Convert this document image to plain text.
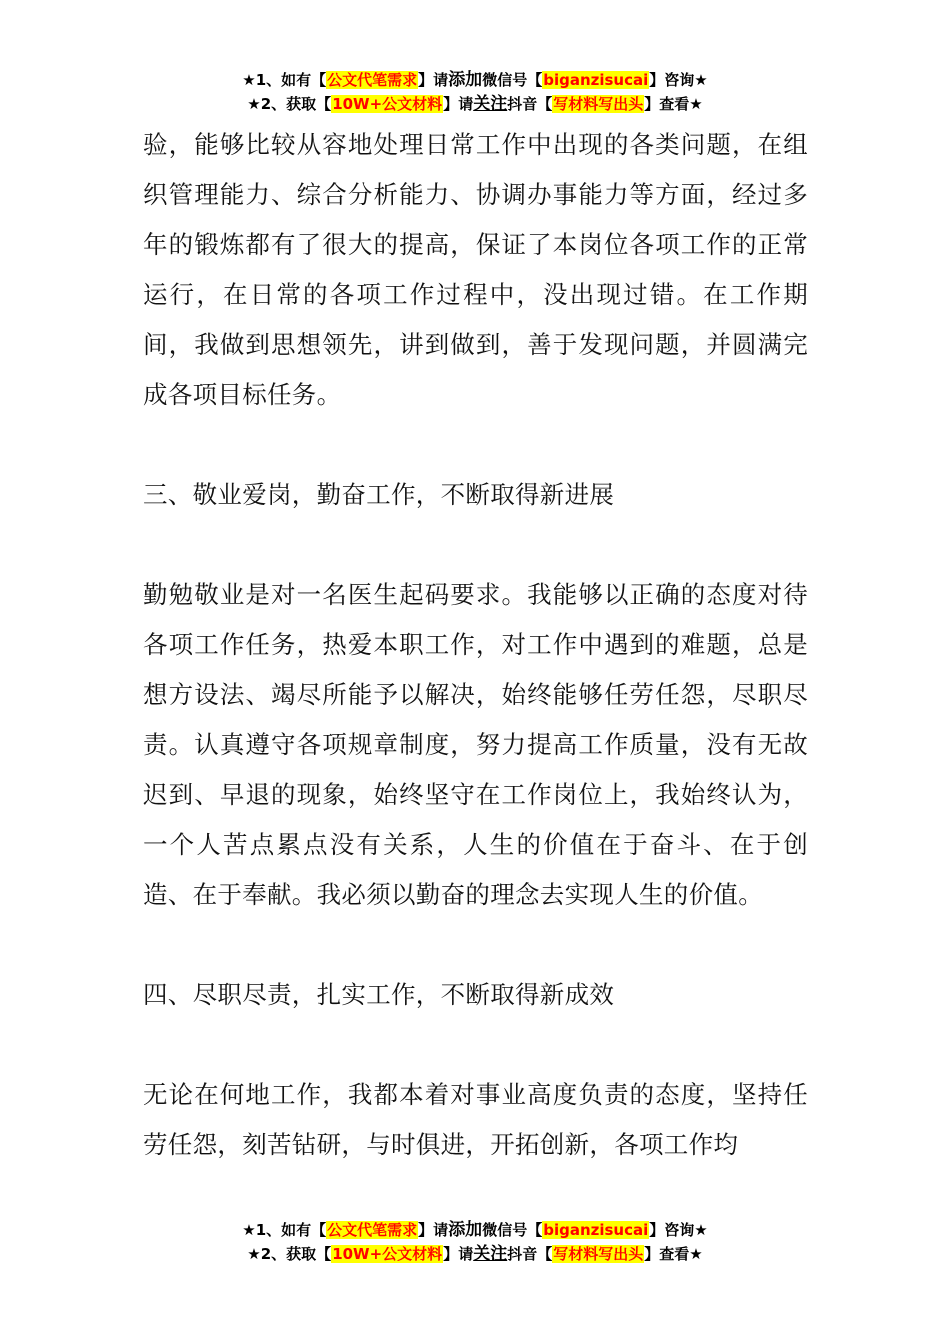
★1、如有【公文代笔需求】请添加微信号【biganzisucai】咨询★
★2、获取【10W+公文材料】请关注抖音【写材料写出头】查看★

验，能够比较从容地处理日常工作中出现的各类问题，在组织管理能力、综合分析能力、协调办事能力等方面，经过多年的锻炼都有了很大的提高，保证了本岗位各项工作的正常运行，在日常的各项工作过程中，没出现过错。在工作期间，我做到思想领先，讲到做到，善于发现问题，并圆满完成各项目标任务。

三、敬业爱岗，勤奋工作，不断取得新进展

勤勉敬业是对一名医生起码要求。我能够以正确的态度对待各项工作任务，热爱本职工作，对工作中遇到的难题，总是想方设法、竭尽所能予以解决，始终能够任劳任怨，尽职尽责。认真遵守各项规章制度，努力提高工作质量，没有无故迟到、早退的现象，始终坚守在工作岗位上，我始终认为，一个人苦点累点没有关系，人生的价值在于奋斗、在于创造、在于奉献。我必须以勤奋的理念去实现人生的价值。

四、尽职尽责，扎实工作，不断取得新成效

无论在何地工作，我都本着对事业高度负责的态度，坚持任劳任怨，刻苦钻研，与时俱进，开拓创新，各项工作均

★1、如有【公文代笔需求】请添加微信号【biganzisucai】咨询★
★2、获取【10W+公文材料】请关注抖音【写材料写出头】查看★
